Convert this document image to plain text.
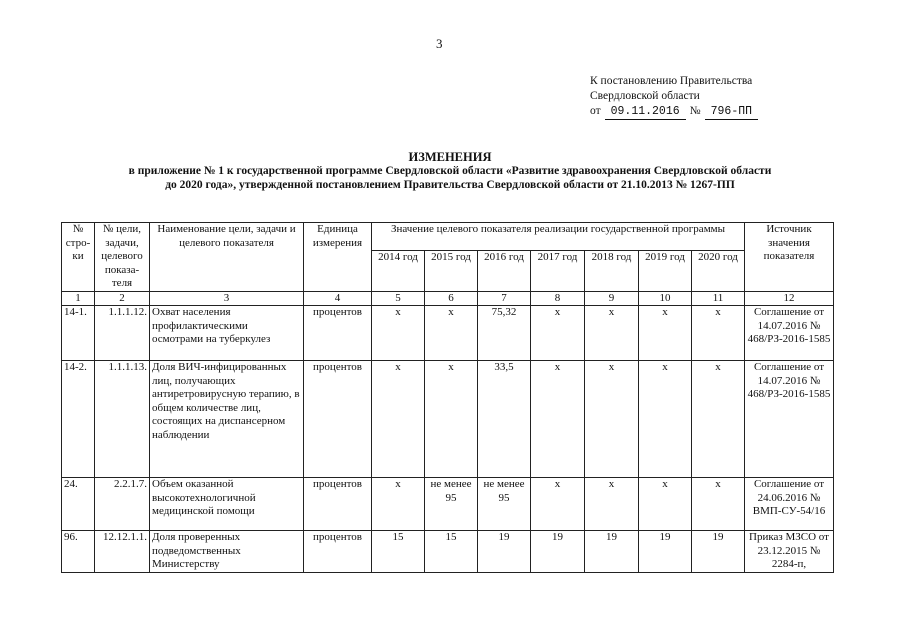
3
К постановлению Правительства
Свердловской области
от 09.11.2016 № 796-ПП
ИЗМЕНЕНИЯ
в приложение № 1 к государственной программе Свердловской области «Развитие здравоохранения Свердловской области
до 2020 года», утвержденной постановлением Правительства Свердловской области от 21.10.2013 № 1267-ПП
№ стро-ки	№ цели, задачи, целевого показа-теля	Наименование цели, задачи и целевого показателя	Единица измерения	Значение целевого показателя реализации государственной программы							Источник значения показателя
				2014 год	2015 год	2016 год	2017 год	2018 год	2019 год	2020 год	
1	2	3	4	5	6	7	8	9	10	11	12
14-1.	1.1.1.12.	Охват населения профилактическими осмотрами на туберкулез	процентов	х	х	75,32	х	х	х	х	Соглашение от 14.07.2016 № 468/РЗ-2016-1585
14-2.	1.1.1.13.	Доля ВИЧ-инфицированных лиц, получающих антиретровирусную терапию, в общем количестве лиц, состоящих на диспансерном наблюдении	процентов	х	х	33,5	х	х	х	х	Соглашение от 14.07.2016 № 468/РЗ-2016-1585
24.	2.2.1.7.	Объем оказанной высокотехнологичной медицинской помощи	процентов	х	не менее 95	не менее 95	х	х	х	х	Соглашение от 24.06.2016 № ВМП-СУ-54/16
96.	12.12.1.1.	Доля проверенных подведомственных Министерству	процентов	15	15	19	19	19	19	19	Приказ МЗСО от 23.12.2015 № 2284-п,
